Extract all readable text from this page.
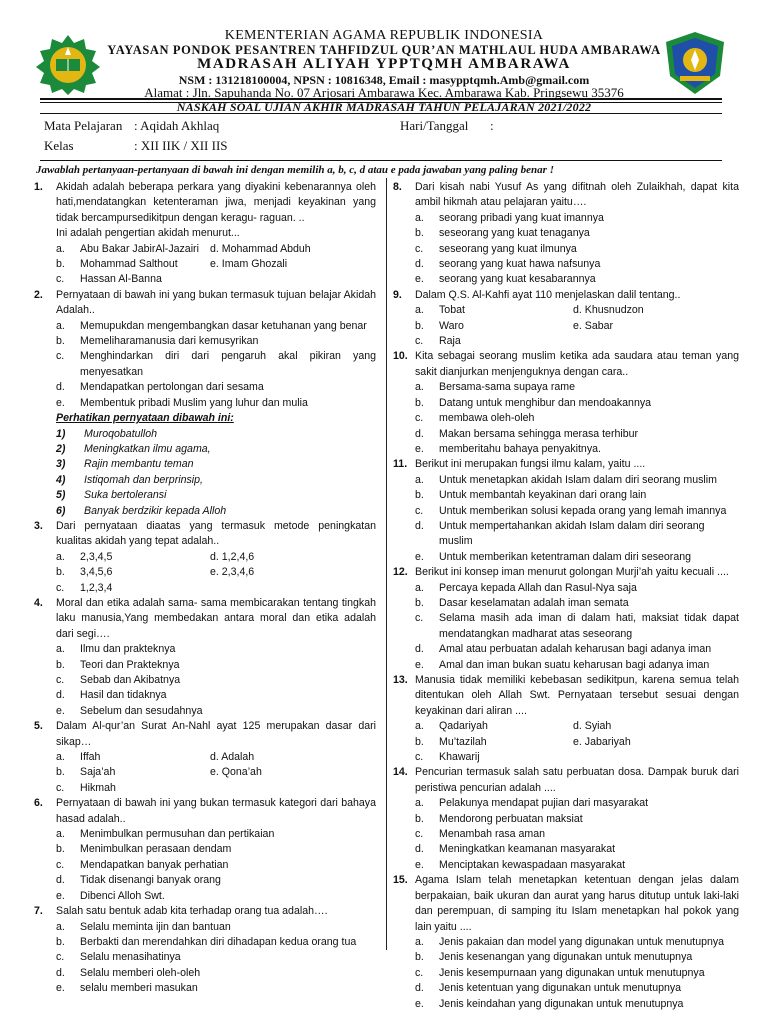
KEMENTERIAN AGAMA REPUBLIK INDONESIA
YAYASAN PONDOK PESANTREN TAHFIDZUL QUR’AN MATHLAUL HUDA AMBARAWA
MADRASAH ALIYAH YPPTQMH AMBARAWA
NSM : 131218100004, NPSN : 10816348, Email : masypptqmh.Amb@gmail.com
Alamat : Jln. Sapuhanda No. 07 Arjosari Ambarawa Kec. Ambarawa Kab. Pringsewu 35376
NASKAH SOAL UJIAN AKHIR MADRASAH TAHUN PELAJARAN 2021/2022
Mata Pelajaran : Aqidah Akhlaq	Hari/Tanggal :
Kelas	: XII IIK / XII IIS
Jawablah pertanyaan-pertanyaan di bawah ini dengan memilih a, b, c, d atau e pada jawaban yang paling benar !
1. Akidah adalah beberapa perkara yang diyakini kebenarannya oleh hati,mendatangkan ketenteraman jiwa, menjadi keyakinan yang tidak bercampursedikitpun dengan keragu- raguan. ..
Ini adalah pengertian akidah menurut...
a. Abu Bakar JabirAl-Jazairi	d. Mohammad Abduh
b. Mohammad Salthout	e. Imam Ghozali
c. Hassan Al-Banna
2. Pernyataan di bawah ini yang bukan termasuk tujuan belajar Akidah Adalah..
a. Memupukdan mengembangkan dasar ketuhanan yang benar
b. Memeliharamanusia dari kemusyrikan
c. Menghindarkan diri dari pengaruh akal pikiran yang menyesatkan
d. Mendapatkan pertolongan dari sesama
e. Membentuk pribadi Muslim yang luhur dan mulia
Perhatikan pernyataan dibawah ini:
1) Muroqobatulloh
2) Meningkatkan ilmu agama,
3) Rajin membantu teman
4) Istiqomah dan berprinsip,
5) Suka bertoleransi
6) Banyak berdzikir kepada Alloh
3. Dari pernyataan diaatas yang termasuk metode peningkatan kualitas akidah yang tepat adalah..
a. 2,3,4,5	d. 1,2,4,6
b. 3,4,5,6	e. 2,3,4,6
c. 1,2,3,4
4. Moral dan etika adalah sama- sama membicarakan tentang tingkah laku manusia,Yang membedakan antara moral dan etika adalah dari segi….
a. Ilmu dan prakteknya
b. Teori dan Prakteknya
c. Sebab dan Akibatnya
d. Hasil dan tidaknya
e. Sebelum dan sesudahnya
5. Dalam Al-qur’an Surat An-Nahl ayat 125 merupakan dasar dari sikap…
a. Iffah	d. Adalah
b. Saja’ah	e. Qona’ah
c. Hikmah
6. Pernyataan di bawah ini yang bukan termasuk kategori dari bahaya hasad adalah..
a. Menimbulkan permusuhan dan pertikaian
b. Menimbulkan perasaan dendam
c. Mendapatkan banyak perhatian
d. Tidak disenangi banyak orang
e. Dibenci Alloh Swt.
7. Salah satu bentuk adab kita terhadap orang tua adalah….
a. Selalu meminta ijin dan bantuan
b. Berbakti dan merendahkan diri dihadapan kedua orang tua
c. Selalu menasihatinya
d. Selalu memberi oleh-oleh
e. selalu memberi masukan
8. Dari kisah nabi Yusuf As yang difitnah oleh Zulaikhah, dapat kita ambil hikmah atau pelajaran yaitu….
a. seorang pribadi yang kuat imannya
b. seseorang yang kuat tenaganya
c. seseorang yang kuat ilmunya
d. seorang yang kuat hawa nafsunya
e. seorang yang kuat kesabarannya
9. Dalam Q.S. Al-Kahfi ayat 110 menjelaskan dalil tentang..
a. Tobat	d. Khusnudzon
b. Waro	e. Sabar
c. Raja
10. Kita sebagai seorang muslim ketika ada saudara atau teman yang sakit dianjurkan menjenguknya dengan cara..
a. Bersama-sama supaya rame
b. Datang untuk menghibur dan mendoakannya
c. membawa oleh-oleh
d. Makan bersama sehingga merasa terhibur
e. memberitahu bahaya penyakitnya.
11. Berikut ini merupakan fungsi ilmu kalam, yaitu ....
a. Untuk menetapkan akidah Islam dalam diri seorang muslim
b. Untuk membantah keyakinan dari orang lain
c. Untuk memberikan solusi kepada orang yang lemah imannya
d. Untuk mempertahankan akidah Islam dalam diri seorang muslim
e. Untuk memberikan ketentraman dalam diri seseorang
12. Berikut ini konsep iman menurut golongan Murji’ah yaitu kecuali ....
a. Percaya kepada Allah dan Rasul-Nya saja
b. Dasar keselamatan adalah iman semata
c. Selama masih ada iman di dalam hati, maksiat tidak dapat mendatangkan madharat atas seseorang
d. Amal atau perbuatan adalah keharusan bagi adanya iman
e. Amal dan iman bukan suatu keharusan bagi adanya iman
13. Manusia tidak memiliki kebebasan sedikitpun, karena semua telah ditentukan oleh Allah Swt. Pernyataan tersebut sesuai dengan keyakinan dari aliran ....
a. Qadariyah	d. Syiah
b. Mu’tazilah	e. Jabariyah
c. Khawarij
14. Pencurian termasuk salah satu perbuatan dosa. Dampak buruk dari peristiwa pencurian adalah ....
a. Pelakunya mendapat pujian dari masyarakat
b. Mendorong perbuatan maksiat
c. Menambah rasa aman
d. Meningkatkan keamanan masyarakat
e. Menciptakan kewaspadaan masyarakat
15. Agama Islam telah menetapkan ketentuan dengan jelas dalam berpakaian, baik ukuran dan aurat yang harus ditutup untuk laki-laki dan perempuan, di samping itu Islam menetapkan hal pokok yang lain yaitu ....
a. Jenis pakaian dan model yang digunakan untuk menutupnya
b. Jenis kesenangan yang digunakan untuk menutupnya
c. Jenis kesempurnaan yang digunakan untuk menutupnya
d. Jenis ketentuan yang digunakan untuk menutupnya
e. Jenis keindahan yang digunakan untuk menutupnya
